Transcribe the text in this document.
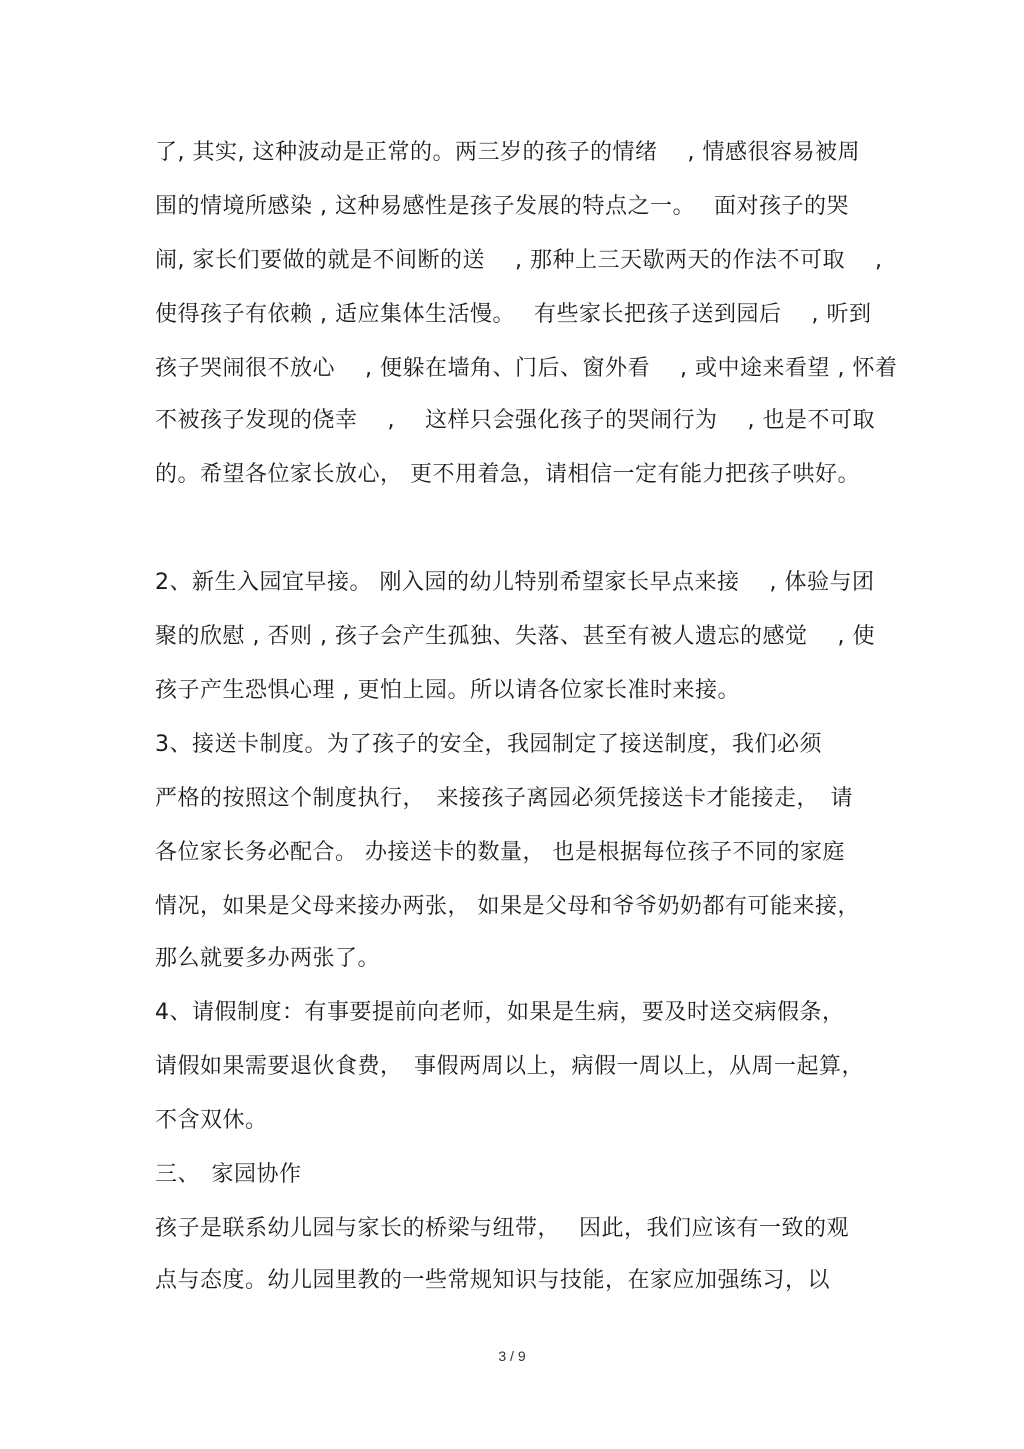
了, 其实, 这种波动是正常的。两三岁的孩子的情绪　 , 情感很容易被周
围的情境所感染 , 这种易感性是孩子发展的特点之一。　 面对孩子的哭
闹, 家长们要做的就是不间断的送　 , 那种上三天歇两天的作法不可取　 ,
使得孩子有依赖 , 适应集体生活慢。　 有些家长把孩子送到园后　 , 听到
孩子哭闹很不放心　 , 便躲在墙角、门后、窗外看　 , 或中途来看望 , 怀着
不被孩子发现的侥幸　 ,　 这样只会强化孩子的哭闹行为　 , 也是不可取
的。希望各位家长放心， 更不用着急，请相信一定有能力把孩子哄好。
2、新生入园宜早接。 刚入园的幼儿特别希望家长早点来接　 , 体验与团
聚的欣慰 , 否则 , 孩子会产生孤独、失落、甚至有被人遗忘的感觉　 , 使
孩子产生恐惧心理 , 更怕上园。所以请各位家长准时来接。
3、接送卡制度。为了孩子的安全，我园制定了接送制度，我们必须
严格的按照这个制度执行，　来接孩子离园必须凭接送卡才能接走，　请
各位家长务必配合。 办接送卡的数量， 也是根据每位孩子不同的家庭
情况，如果是父母来接办两张， 如果是父母和爷爷奶奶都有可能来接，
那么就要多办两张了。
4、请假制度：有事要提前向老师，如果是生病，要及时送交病假条，
请假如果需要退伙食费，　事假两周以上，病假一周以上，从周一起算，
不含双休。
三、　家园协作
孩子是联系幼儿园与家长的桥梁与纽带，　 因此，我们应该有一致的观
点与态度。幼儿园里教的一些常规知识与技能，在家应加强练习，以
3 / 9
